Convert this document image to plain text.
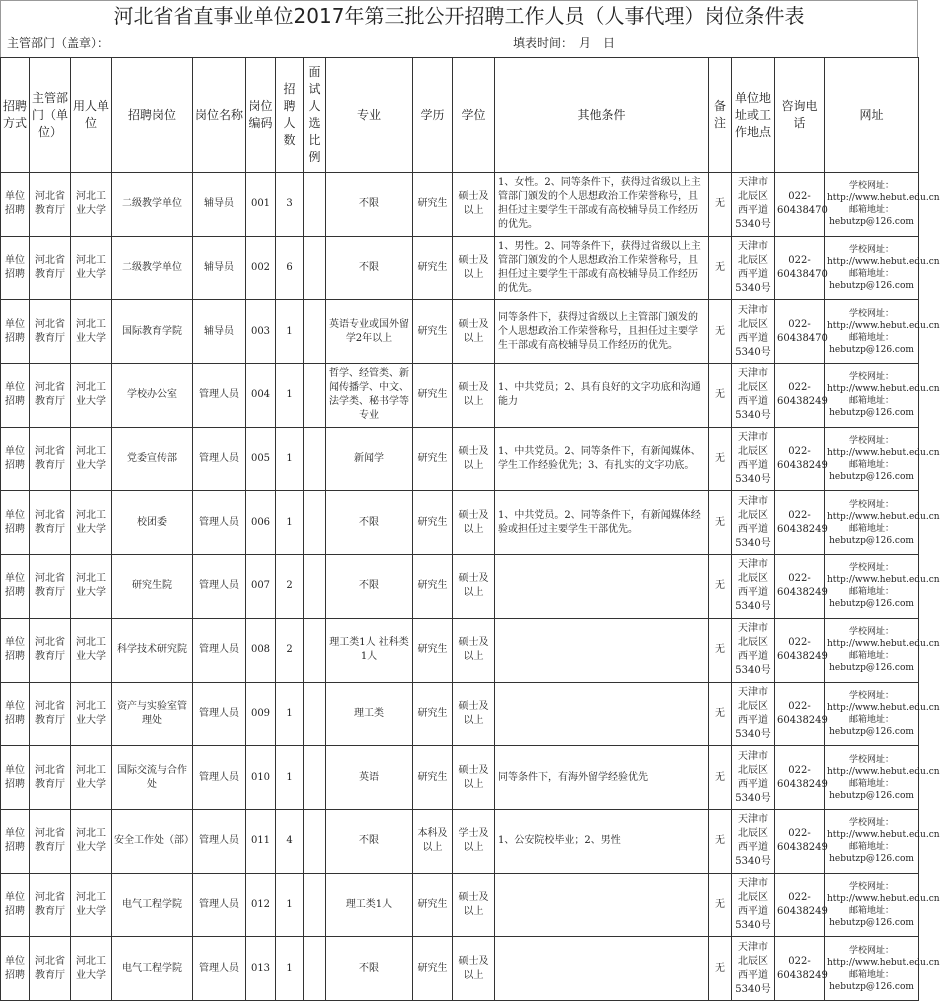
河北省省直事业单位2017年第三批公开招聘工作人员（人事代理）岗位条件表
主管部门（盖章）：	填表时间：　月　日
招聘方式	主管部门（单位）	用人单位	招聘岗位	岗位名称	岗位编码	招聘人数	面试人选比例	专业	学历	学位	其他条件	备注	单位地址或工作地点	咨询电话	网址
单位招聘	河北省教育厅	河北工业大学	二级教学单位	辅导员	001	3		不限	研究生	硕士及以上	1、女性。2、同等条件下，获得过省级以上主管部门颁发的个人思想政治工作荣誉称号，且担任过主要学生干部或有高校辅导员工作经历的优先。	无	天津市北辰区西平道5340号	022-60438470	学校网址： http://www.hebut.edu.cn 邮箱地址：hebutzp@126.com
单位招聘	河北省教育厅	河北工业大学	二级教学单位	辅导员	002	6		不限	研究生	硕士及以上	1、男性。2、同等条件下，获得过省级以上主管部门颁发的个人思想政治工作荣誉称号，且担任过主要学生干部或有高校辅导员工作经历的优先。	无	天津市北辰区西平道5340号	022-60438470	学校网址： http://www.hebut.edu.cn 邮箱地址：hebutzp@126.com
单位招聘	河北省教育厅	河北工业大学	国际教育学院	辅导员	003	1		英语专业或国外留学2年以上	研究生	硕士及以上	同等条件下，获得过省级以上主管部门颁发的个人思想政治工作荣誉称号，且担任过主要学生干部或有高校辅导员工作经历的优先。	无	天津市北辰区西平道5340号	022-60438470	学校网址： http://www.hebut.edu.cn 邮箱地址：hebutzp@126.com
单位招聘	河北省教育厅	河北工业大学	学校办公室	管理人员	004	1		哲学、经管类、新闻传播学、中文、法学类、秘书学等专业	研究生	硕士及以上	1、中共党员；2、具有良好的文字功底和沟通能力	无	天津市北辰区西平道5340号	022-60438249	学校网址： http://www.hebut.edu.cn 邮箱地址：hebutzp@126.com
单位招聘	河北省教育厅	河北工业大学	党委宣传部	管理人员	005	1		新闻学	研究生	硕士及以上	1、中共党员。2、同等条件下，有新闻媒体、学生工作经验优先；3、有扎实的文字功底。	无	天津市北辰区西平道5340号	022-60438249	学校网址： http://www.hebut.edu.cn 邮箱地址：hebutzp@126.com
单位招聘	河北省教育厅	河北工业大学	校团委	管理人员	006	1		不限	研究生	硕士及以上	1、中共党员。2、同等条件下，有新闻媒体经验或担任过主要学生干部优先。	无	天津市北辰区西平道5340号	022-60438249	学校网址： http://www.hebut.edu.cn 邮箱地址：hebutzp@126.com
单位招聘	河北省教育厅	河北工业大学	研究生院	管理人员	007	2		不限	研究生	硕士及以上		无	天津市北辰区西平道5340号	022-60438249	学校网址： http://www.hebut.edu.cn 邮箱地址：hebutzp@126.com
单位招聘	河北省教育厅	河北工业大学	科学技术研究院	管理人员	008	2		理工类1人 社科类1人	研究生	硕士及以上		无	天津市北辰区西平道5340号	022-60438249	学校网址： http://www.hebut.edu.cn 邮箱地址：hebutzp@126.com
单位招聘	河北省教育厅	河北工业大学	资产与实验室管理处	管理人员	009	1		理工类	研究生	硕士及以上		无	天津市北辰区西平道5340号	022-60438249	学校网址： http://www.hebut.edu.cn 邮箱地址：hebutzp@126.com
单位招聘	河北省教育厅	河北工业大学	国际交流与合作处	管理人员	010	1		英语	研究生	硕士及以上	同等条件下，有海外留学经验优先	无	天津市北辰区西平道5340号	022-60438249	学校网址： http://www.hebut.edu.cn 邮箱地址：hebutzp@126.com
单位招聘	河北省教育厅	河北工业大学	安全工作处（部）	管理人员	011	4		不限	本科及以上	学士及以上	1、公安院校毕业；2、男性	无	天津市北辰区西平道5340号	022-60438249	学校网址： http://www.hebut.edu.cn 邮箱地址：hebutzp@126.com
单位招聘	河北省教育厅	河北工业大学	电气工程学院	管理人员	012	1		理工类1人	研究生	硕士及以上		无	天津市北辰区西平道5340号	022-60438249	学校网址： http://www.hebut.edu.cn 邮箱地址：hebutzp@126.com
单位招聘	河北省教育厅	河北工业大学	电气工程学院	管理人员	013	1		不限	研究生	硕士及以上		无	天津市北辰区西平道5340号	022-60438249	学校网址： http://www.hebut.edu.cn 邮箱地址：hebutzp@126.com
